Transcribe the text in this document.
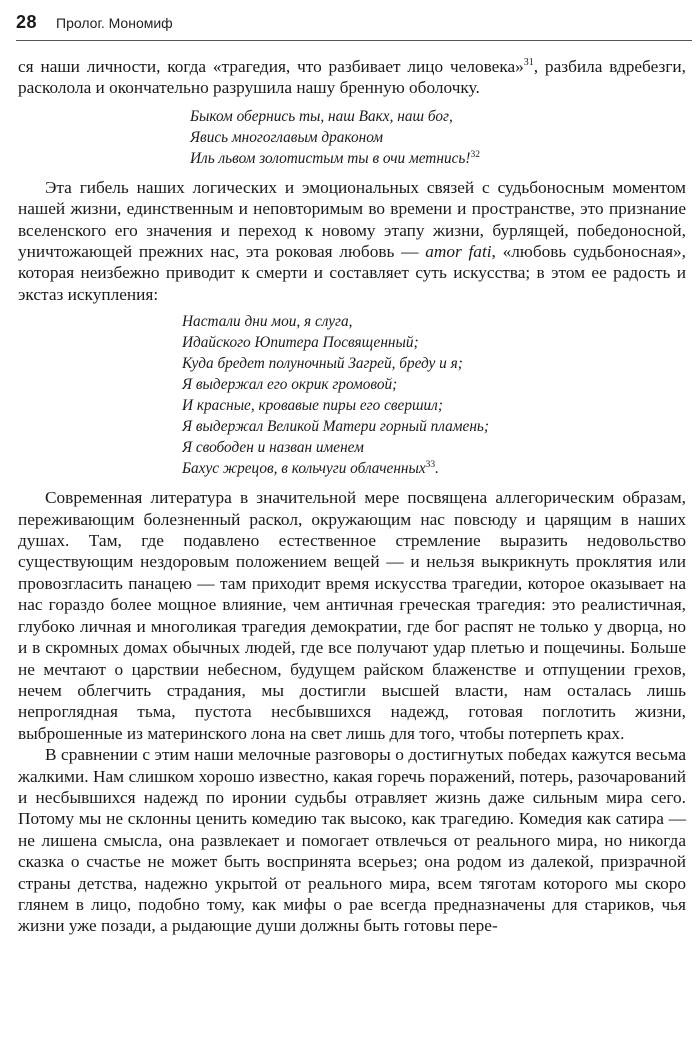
28 Пролог. Мономиф

ся наши личности, когда «трагедия, что разбивает лицо человека»$^{31}$, разбила вдребезги, расколола и окончательно разрушила нашу бренную оболочку.

Быком обернись ты, наш Вакх, наш бог,
Явись многоглавым драконом
Иль львом золотистым ты в очи метнись!$^{32}$

Эта гибель наших логических и эмоциональных связей с судьбоносным моментом нашей жизни, единственным и неповторимым во времени и пространстве, это признание вселенского его значения и переход к новому этапу жизни, бурлящей, победоносной, уничтожающей прежних нас, эта роковая любовь — amor fati, «любовь судьбоносная», которая неизбежно приводит к смерти и составляет суть искусства; в этом ее радость и экстаз искупления:

Настали дни мои, я слуга,
Идайского Юпитера Посвященный;
Куда бредет полуночный Загрей, бреду и я;
Я выдержал его окрик громовой;
И красные, кровавые пиры его свершил;
Я выдержал Великой Матери горный пламень;
Я свободен и назван именем
Бахус жрецов, в кольчуги облаченных$^{33}$.

Современная литература в значительной мере посвящена аллегорическим образам, переживающим болезненный раскол, окружающим нас повсюду и царящим в наших душах. Там, где подавлено естественное стремление выразить недовольство существующим нездоровым положением вещей — и нельзя выкрикнуть проклятия или провозгласить панацею — там приходит время искусства трагедии, которое оказывает на нас гораздо более мощное влияние, чем античная греческая трагедия: это реалистичная, глубоко личная и многоликая трагедия демократии, где бог распят не только у дворца, но и в скромных домах обычных людей, где все получают удар плетью и пощечины. Больше не мечтают о царствии небесном, будущем райском блаженстве и отпущении грехов, нечем облегчить страдания, мы достигли высшей власти, нам осталась лишь непроглядная тьма, пустота несбывшихся надежд, готовая поглотить жизни, выброшенные из материнского лона на свет лишь для того, чтобы потерпеть крах.

В сравнении с этим наши мелочные разговоры о достигнутых победах кажутся весьма жалкими. Нам слишком хорошо известно, какая горечь поражений, потерь, разочарований и несбывшихся надежд по иронии судьбы отравляет жизнь даже сильным мира сего. Потому мы не склонны ценить комедию так высоко, как трагедию. Комедия как сатира — не лишена смысла, она развлекает и помогает отвлечься от реального мира, но никогда сказка о счастье не может быть воспринята всерьез; она родом из далекой, призрачной страны детства, надежно укрытой от реального мира, всем тяготам которого мы скоро глянем в лицо, подобно тому, как мифы о рае всегда предназначены для стариков, чья жизни уже позади, а рыдающие души должны быть готовы пере-
